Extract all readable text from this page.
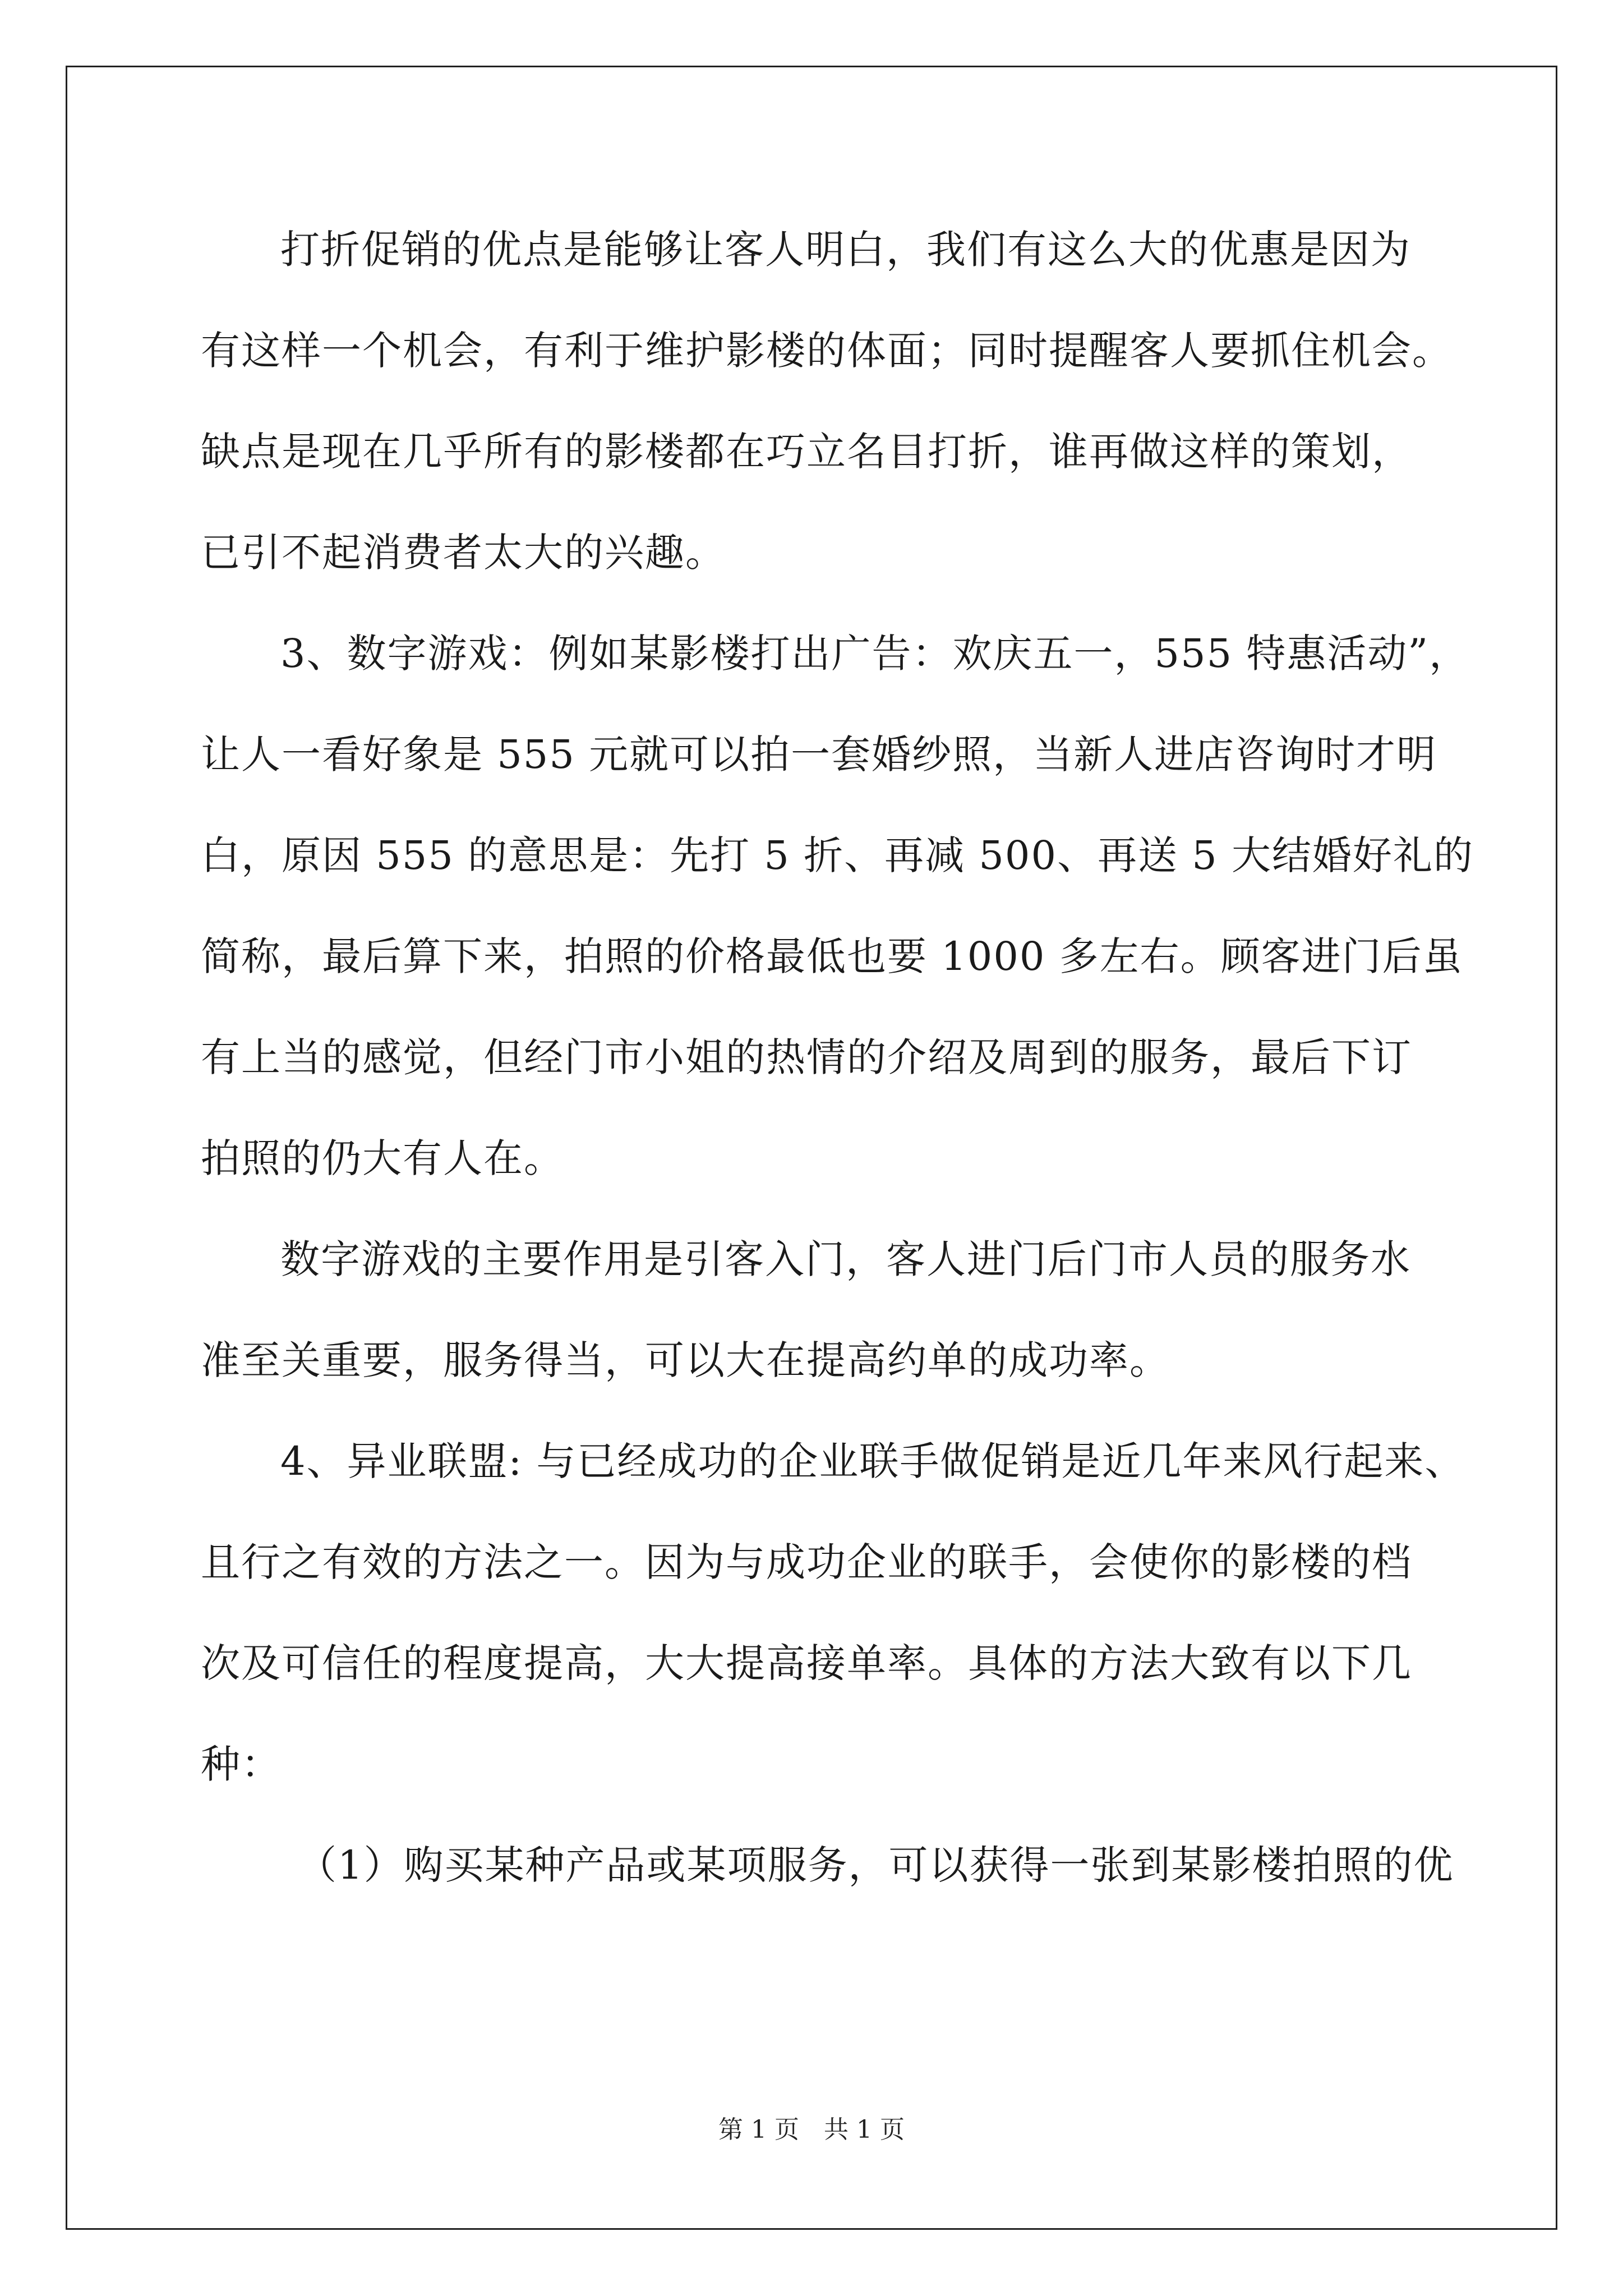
打折促销的优点是能够让客人明白，我们有这么大的优惠是因为
有这样一个机会，有利于维护影楼的体面；同时提醒客人要抓住机会。
缺点是现在几乎所有的影楼都在巧立名目打折，谁再做这样的策划，
已引不起消费者太大的兴趣。
3、数字游戏：例如某影楼打出广告：欢庆五一，555 特惠活动”，
让人一看好象是 555 元就可以拍一套婚纱照，当新人进店咨询时才明
白，原因 555 的意思是：先打 5 折、再减 500、再送 5 大结婚好礼的
简称，最后算下来，拍照的价格最低也要 1000 多左右。顾客进门后虽
有上当的感觉，但经门市小姐的热情的介绍及周到的服务，最后下订
拍照的仍大有人在。
数字游戏的主要作用是引客入门，客人进门后门市人员的服务水
准至关重要，服务得当，可以大在提高约单的成功率。
4、异业联盟: 与已经成功的企业联手做促销是近几年来风行起来、
且行之有效的方法之一。因为与成功企业的联手，会使你的影楼的档
次及可信任的程度提高，大大提高接单率。具体的方法大致有以下几
种：
（1）购买某种产品或某项服务，可以获得一张到某影楼拍照的优
第 1 页　共 1 页
